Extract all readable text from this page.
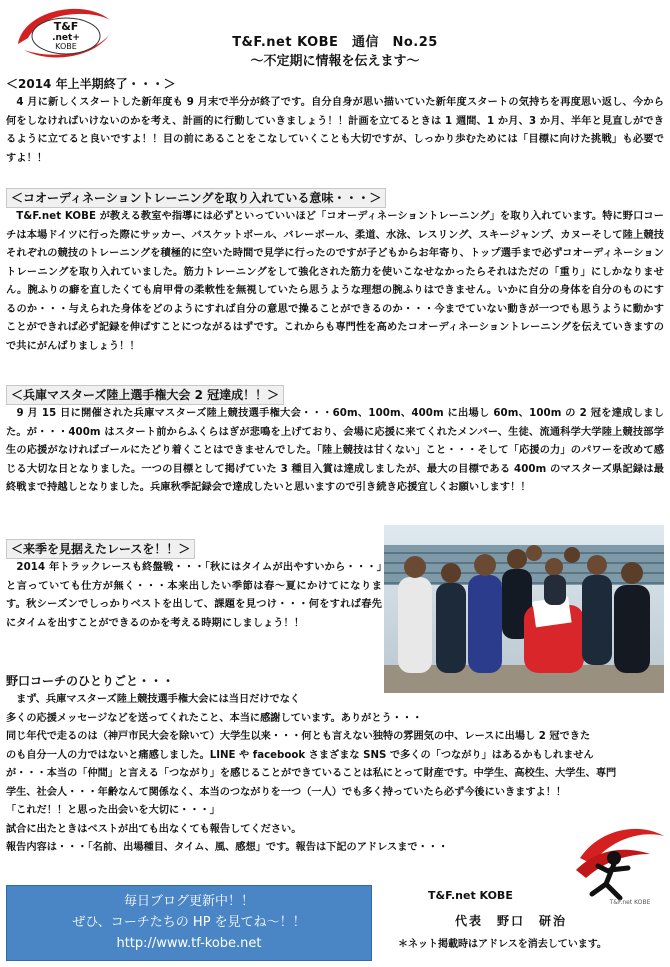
T&F
.net+
KOBE	T&F.net KOBE　通信　No.25
～不定期に情報を伝えます～
＜2014 年上半期終了・・・＞
　4 月に新しくスタートした新年度も 9 月末で半分が終了です。自分自身が思い描いていた新年度スタートの気持ちを再度思い返し、今から何をしなければいけないのかを考え、計画的に行動していきましょう！！計画を立てるときは 1 週間、1 か月、3 か月、半年と見直しができるように立てると良いですよ！！目の前にあることをこなしていくことも大切ですが、しっかり歩むためには「目標に向けた挑戦」も必要ですよ！！
＜コオーディネーショントレーニングを取り入れている意味・・・＞
　T&F.net KOBE が教える教室や指導には必ずといっていいほど「コオーディネーショントレーニング」を取り入れています。特に野口コーチは本場ドイツに行った際にサッカー、バスケットボール、バレーボール、柔道、水泳、レスリング、スキージャンプ、カヌーそして陸上競技それぞれの競技のトレーニングを積極的に空いた時間で見学に行ったのですが子どもからお年寄り、トップ選手まで必ずコオーディネーショントレーニングを取り入れていました。筋力トレーニングをして強化された筋力を使いこなせなかったらそれはただの「重り」にしかなりません。腕ふりの癖を直したくても肩甲骨の柔軟性を無視していたら思うような理想の腕ふりはできません。いかに自分の身体を自分のものにするのか・・・与えられた身体をどのようにすれば自分の意思で操ることができるのか・・・今までていない動きが一つでも思うように動かすことができれば必ず記録を伸ばすことにつながるはずです。これからも専門性を高めたコオーディネーショントレーニングを伝えていきますので共にがんばりましょう！！
＜兵庫マスターズ陸上選手権大会 2 冠達成！！＞
　9 月 15 日に開催された兵庫マスターズ陸上競技選手権大会・・・60m、100m、400m に出場し 60m、100m の 2 冠を達成しました。が・・・400m はスタート前からふくらはぎが悲鳴を上げており、会場に応援に来てくれたメンバー、生徒、流通科学大学陸上競技部学生の応援がなければゴールにたどり着くことはできませんでした。「陸上競技は甘くない」こと・・・そして「応援の力」のパワーを改めて感じる大切な日となりました。一つの目標として掲げていた 3 種目入賞は達成しましたが、最大の目標である 400m のマスターズ県記録は最終戦まで持越しとなりました。兵庫秋季記録会で達成したいと思いますので引き続き応援宜しくお願いします！！
＜来季を見据えたレースを！！＞
　2014 年トラックレースも終盤戦・・・「秋にはタイムが出やすいから・・・」と言っていても仕方が無く・・・本来出したい季節は春～夏にかけてになります。秋シーズンでしっかりベストを出して、課題を見つけ・・・何をすれば春先にタイムを出すことができるのかを考える時期にしましょう！！
野口コーチのひとりごと・・・
　まず、兵庫マスターズ陸上競技選手権大会には当日だけでなく
多くの応援メッセージなどを送ってくれたこと、本当に感謝しています。ありがとう・・・
同じ年代で走るのは（神戸市民大会を除いて）大学生以来・・・何とも言えない独特の雰囲気の中、レースに出場し 2 冠できた
のも自分一人の力ではないと痛感しました。LINE や facebook さまざまな SNS で多くの「つながり」はあるかもしれません
が・・・本当の「仲間」と言える「つながり」を感じることができていることは私にとって財産です。中学生、高校生、大学生、専門
学生、社会人・・・年齢なんて関係なく、本当のつながりを一つ（一人）でも多く持っていたら必ず今後にいきますよ！！
「これだ！！と思った出会いを大切に・・・」
試合に出たときはベストが出ても出なくても報告してください。
報告内容は・・・「名前、出場種目、タイム、風、感想」です。報告は下記のアドレスまで・・・
T&F.net KOBE
T&F.net KOBE
代表　野口　研治
＊ネット掲載時はアドレスを消去しています。
毎日ブログ更新中！！
ぜひ、コーチたちの HP を見てね～！！
http://www.tf-kobe.net
